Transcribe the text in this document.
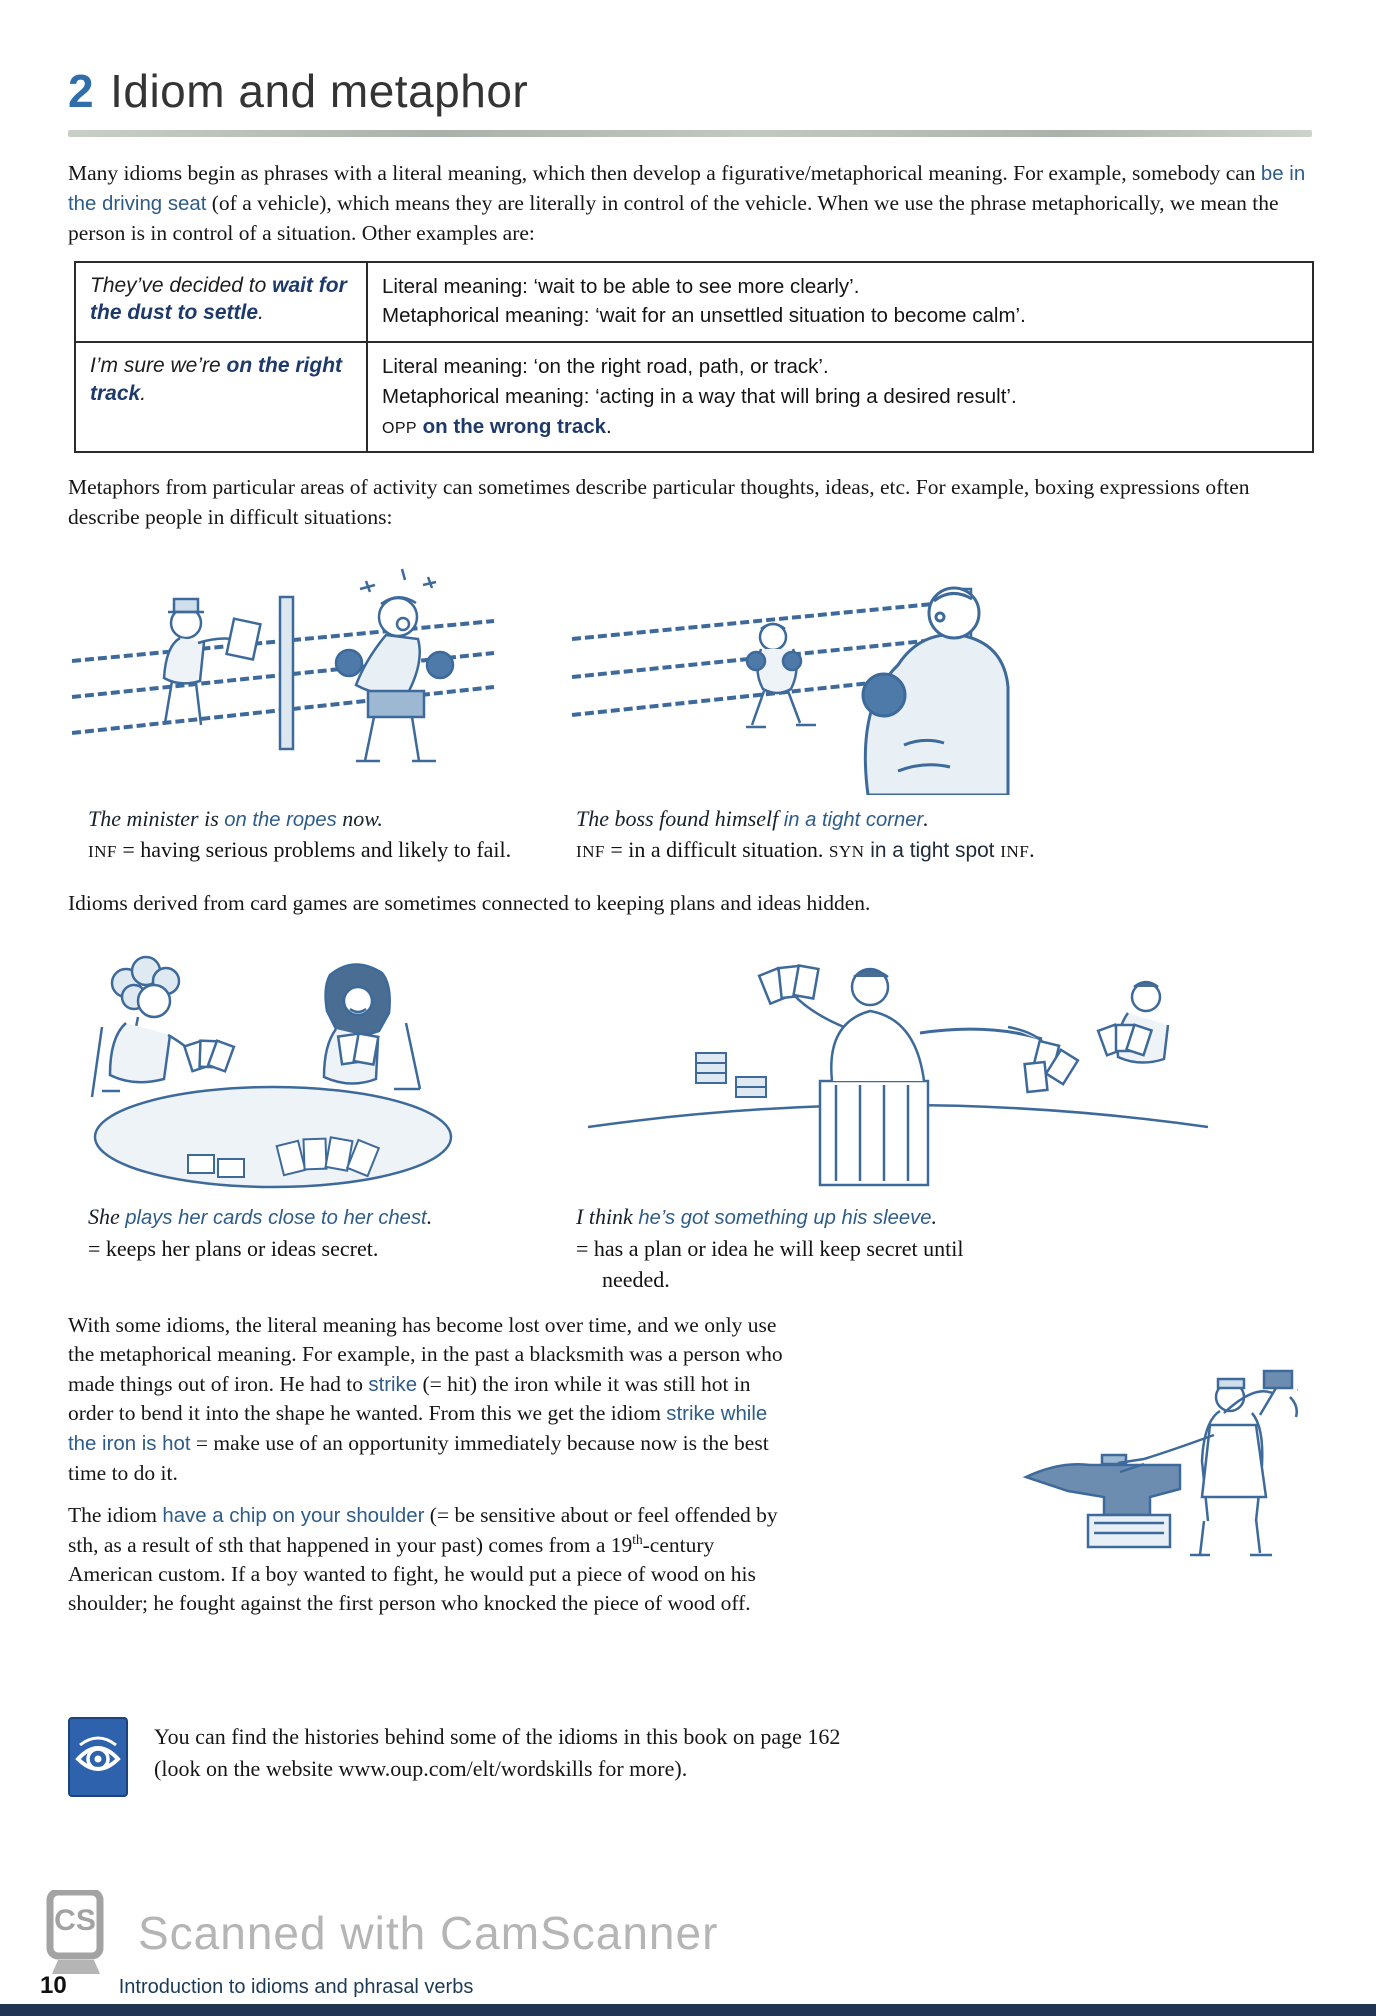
2 Idiom and metaphor

Many idioms begin as phrases with a literal meaning, which then develop a figurative/metaphorical meaning. For example, somebody can be in the driving seat (of a vehicle), which means they are literally in control of the vehicle. When we use the phrase metaphorically, we mean the person is in control of a situation. Other examples are:

They’ve decided to wait for the dust to settle.	Literal meaning: ‘wait to be able to see more clearly’.
Metaphorical meaning: ‘wait for an unsettled situation to become calm’.

I’m sure we’re on the right track.	Literal meaning: ‘on the right road, path, or track’.
Metaphorical meaning: ‘acting in a way that will bring a desired result’.
OPP on the wrong track.

Metaphors from particular areas of activity can sometimes describe particular thoughts, ideas, etc. For example, boxing expressions often describe people in difficult situations:

The minister is on the ropes now.
INF = having serious problems and likely to fail.
The boss found himself in a tight corner.
INF = in a difficult situation. SYN in a tight spot INF.

Idioms derived from card games are sometimes connected to keeping plans and ideas hidden.

She plays her cards close to her chest.
= keeps her plans or ideas secret.
I think he’s got something up his sleeve.
= has a plan or idea he will keep secret until
needed.

With some idioms, the literal meaning has become lost over time, and we only use the metaphorical meaning. For example, in the past a blacksmith was a person who made things out of iron. He had to strike (= hit) the iron while it was still hot in order to bend it into the shape he wanted. From this we get the idiom strike while the iron is hot = make use of an opportunity immediately because now is the best time to do it.

The idiom have a chip on your shoulder (= be sensitive about or feel offended by sth, as a result of sth that happened in your past) comes from a 19th-century American custom. If a boy wanted to fight, he would put a piece of wood on his shoulder; he fought against the first person who knocked the piece of wood off.

You can find the histories behind some of the idioms in this book on page 162
(look on the website www.oup.com/elt/wordskills for more).
CS Scanned with CamScanner
10	Introduction to idioms and phrasal verbs
